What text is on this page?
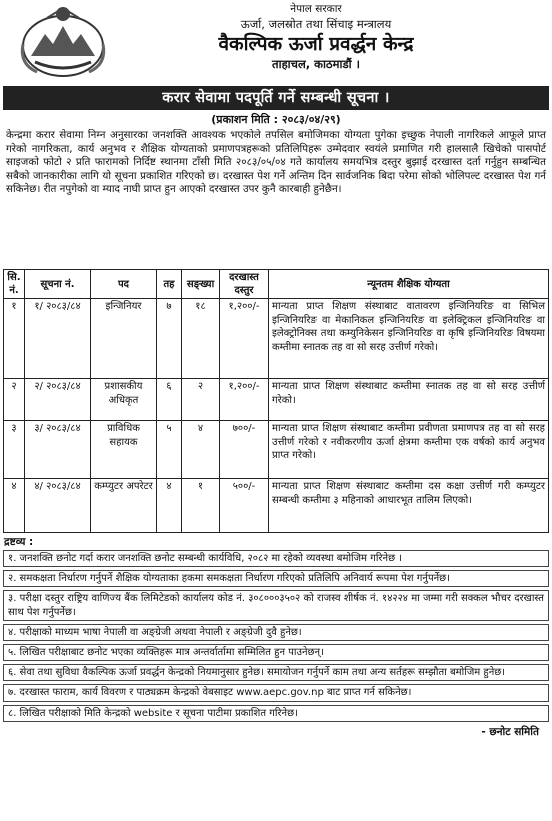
नेपाल सरकार
ऊर्जा, जलस्रोत तथा सिंचाइ मन्त्रालय
वैकल्पिक ऊर्जा प्रवर्द्धन केन्द्र
ताहाचल, काठमाडौं ।
करार सेवामा पदपूर्ति गर्ने सम्बन्धी सूचना ।
(प्रकाशन मिति : २०८३/०४/२९)
केन्द्रमा करार सेवामा निम्न अनुसारका जनशक्ति आवश्यक भएकोले तपसिल बमोजिमका योग्यता पुगेका इच्छुक नेपाली नागरिकले आफूले प्राप्त गरेको नागरिकता, कार्य अनुभव र शैक्षिक योग्यताको प्रमाणपत्रहरूको प्रतिलिपिहरू उम्मेदवार स्वयंले प्रमाणित गरी हालसालै खिचेको पासपोर्ट साइजको फोटो २ प्रति फारामको निर्दिष्ट स्थानमा टाँसी मिति २०८३/०५/०४ गते कार्यालय समयभित्र दस्तुर बुझाई दरखास्त दर्ता गर्नुहुन सम्बन्धित सबैको जानकारीका लागि यो सूचना प्रकाशित गरिएको छ। दरखास्त पेश गर्ने अन्तिम दिन सार्वजनिक बिदा परेमा सोको भोलिपल्ट दरखास्त पेश गर्न सकिनेछ। रीत नपुगेको वा म्याद नाघी प्राप्त हुन आएको दरखास्त उपर कुनै कारबाही हुनेछैन।
सि. नं.	सूचना नं.	पद	तह	सङ्ख्या	दरखास्त दस्तुर	न्यूनतम शैक्षिक योग्यता
१	१/ २०८३/८४	इन्जिनियर	७	१८	१,२००/-	मान्यता प्राप्त शिक्षण संस्थाबाट वातावरण इन्जिनियरिङ वा सिभिल इन्जिनियरिङ वा मेकानिकल इन्जिनियरिङ वा इलेक्ट्रिकल इन्जिनियरिङ वा इलेक्ट्रोनिक्स तथा कम्युनिकेसन इन्जिनियरिङ वा कृषि इन्जिनियरिङ विषयमा कम्तीमा स्नातक तह वा सो सरह उत्तीर्ण गरेको।
२	२/ २०८३/८४	प्रशासकीय अधिकृत	६	२	१,२००/-	मान्यता प्राप्त शिक्षण संस्थाबाट कम्तीमा स्नातक तह वा सो सरह उत्तीर्ण गरेको।
३	३/ २०८३/८४	प्राविधिक सहायक	५	४	७००/-	मान्यता प्राप्त शिक्षण संस्थाबाट कम्तीमा प्रवीणता प्रमाणपत्र तह वा सो सरह उत्तीर्ण गरेको र नवीकरणीय ऊर्जा क्षेत्रमा कम्तीमा एक वर्षको कार्य अनुभव प्राप्त गरेको।
४	४/ २०८३/८४	कम्प्युटर अपरेटर	४	१	५००/-	मान्यता प्राप्त शिक्षण संस्थाबाट कम्तीमा दस कक्षा उत्तीर्ण गरी कम्प्युटर सम्बन्धी कम्तीमा ३ महिनाको आधारभूत तालिम लिएको।
द्रष्टव्य :
१. जनशक्ति छनोट गर्दा करार जनशक्ति छनोट सम्बन्धी कार्यविधि, २०८२ मा रहेको व्यवस्था बमोजिम गरिनेछ ।
२. समकक्षता निर्धारण गर्नुपर्ने शैक्षिक योग्यताका हकमा समकक्षता निर्धारण गरिएको प्रतिलिपि अनिवार्य रूपमा पेश गर्नुपर्नेछ।
३. परीक्षा दस्तुर राष्ट्रिय वाणिज्य बैंक लिमिटेडको कार्यालय कोड नं. ३०८०००३५०२ को राजस्व शीर्षक नं. १४२२४ मा जम्मा गरी सक्कल भौचर दरखास्त साथ पेश गर्नुपर्नेछ।
४. परीक्षाको माध्यम भाषा नेपाली वा अङ्ग्रेजी अथवा नेपाली र अङ्ग्रेजी दुवै हुनेछ।
५. लिखित परीक्षाबाट छनोट भएका व्यक्तिहरू मात्र अन्तर्वार्तामा सम्मिलित हुन पाउनेछन्।
६. सेवा तथा सुविधा वैकल्पिक ऊर्जा प्रवर्द्धन केन्द्रको नियमानुसार हुनेछ। समायोजन गर्नुपर्ने काम तथा अन्य सर्तहरू सम्झौता बमोजिम हुनेछ।
७. दरखास्त फाराम, कार्य विवरण र पाठ्यक्रम केन्द्रको वेबसाइट www.aepc.gov.np बाट प्राप्त गर्न सकिनेछ।
८. लिखित परीक्षाको मिति केन्द्रको website र सूचना पाटीमा प्रकाशित गरिनेछ।
- छनोट समिति
